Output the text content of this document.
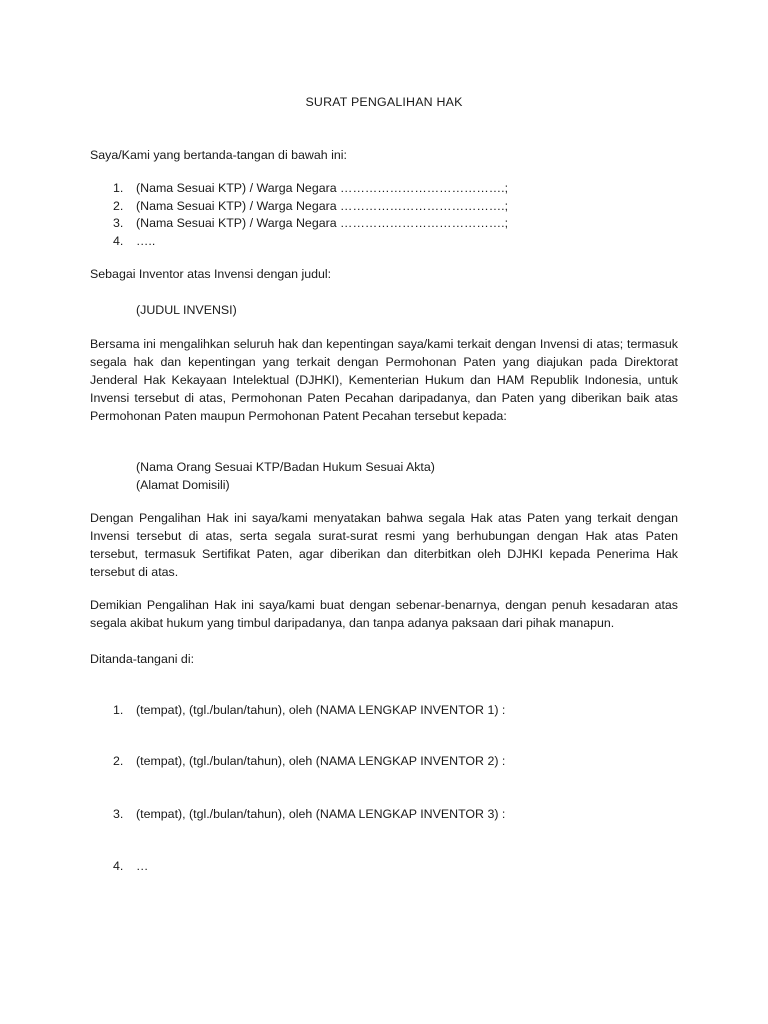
SURAT PENGALIHAN HAK
Saya/Kami yang bertanda-tangan di bawah ini:
1. (Nama Sesuai KTP) / Warga Negara ………………………………….;
2. (Nama Sesuai KTP) / Warga Negara ………………………………….;
3. (Nama Sesuai KTP) / Warga Negara ………………………………….;
4. …..
Sebagai Inventor atas Invensi dengan judul:
(JUDUL INVENSI)
Bersama ini mengalihkan seluruh hak dan kepentingan saya/kami terkait dengan Invensi di atas; termasuk segala hak dan kepentingan yang terkait dengan Permohonan Paten yang diajukan pada Direktorat Jenderal Hak Kekayaan Intelektual (DJHKI), Kementerian Hukum dan HAM Republik Indonesia, untuk Invensi tersebut di atas, Permohonan Paten Pecahan daripadanya, dan Paten yang diberikan baik atas Permohonan Paten maupun Permohonan Patent Pecahan tersebut kepada:
(Nama Orang Sesuai KTP/Badan Hukum Sesuai Akta)
(Alamat Domisili)
Dengan Pengalihan Hak ini saya/kami menyatakan bahwa segala Hak atas Paten yang terkait dengan Invensi tersebut di atas, serta segala surat-surat resmi yang berhubungan dengan Hak atas Paten tersebut, termasuk Sertifikat Paten, agar diberikan dan diterbitkan oleh DJHKI kepada Penerima Hak tersebut di atas.
Demikian Pengalihan Hak ini saya/kami buat dengan sebenar-benarnya, dengan penuh kesadaran atas segala akibat hukum yang timbul daripadanya, dan tanpa adanya paksaan dari pihak manapun.
Ditanda-tangani di:
1. (tempat), (tgl./bulan/tahun), oleh (NAMA LENGKAP INVENTOR 1) :
2. (tempat), (tgl./bulan/tahun), oleh (NAMA LENGKAP INVENTOR 2) :
3. (tempat), (tgl./bulan/tahun), oleh (NAMA LENGKAP INVENTOR 3) :
4. …
